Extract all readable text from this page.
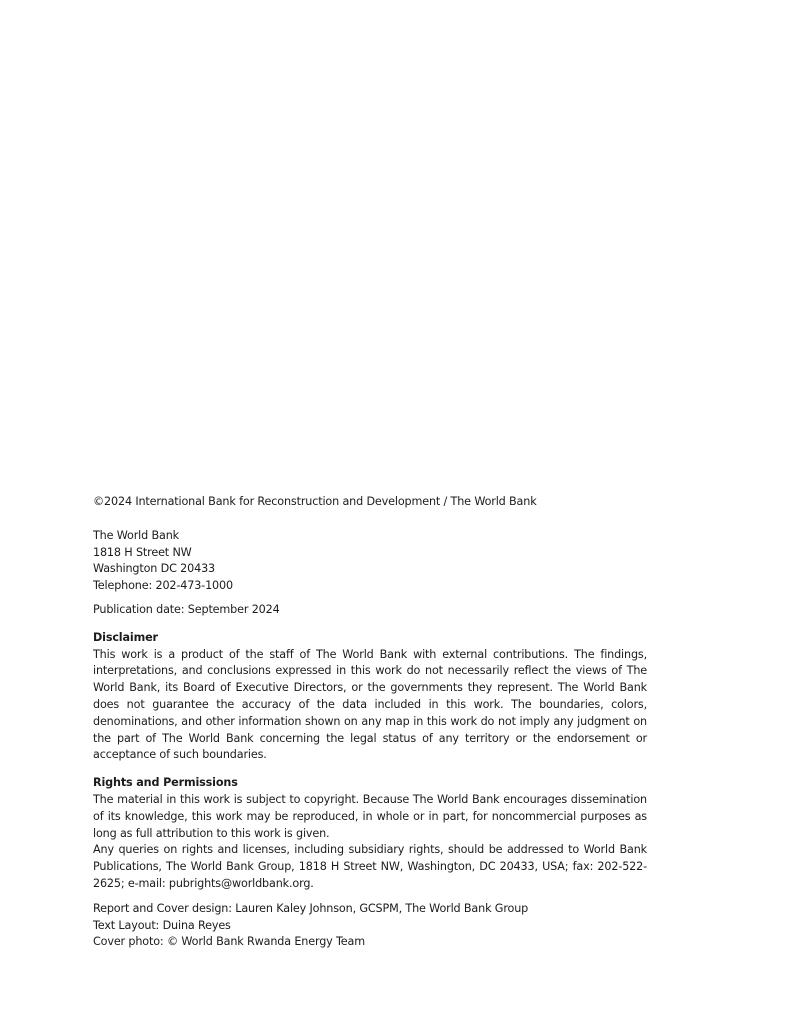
©2024 International Bank for Reconstruction and Development / The World Bank

The World Bank
1818 H Street NW
Washington DC 20433
Telephone: 202-473-1000

Publication date: September 2024

Disclaimer

This work is a product of the staff of The World Bank with external contributions. The findings, interpretations, and conclusions expressed in this work do not necessarily reflect the views of The World Bank, its Board of Executive Directors, or the governments they represent. The World Bank does not guarantee the accuracy of the data included in this work. The boundaries, colors, denominations, and other information shown on any map in this work do not imply any judgment on the part of The World Bank concerning the legal status of any territory or the endorsement or acceptance of such boundaries.

Rights and Permissions

The material in this work is subject to copyright. Because The World Bank encourages dissemination of its knowledge, this work may be reproduced, in whole or in part, for noncommercial purposes as long as full attribution to this work is given.

Any queries on rights and licenses, including subsidiary rights, should be addressed to World Bank Publications, The World Bank Group, 1818 H Street NW, Washington, DC 20433, USA; fax: 202-522-2625; e-mail: pubrights@worldbank.org.

Report and Cover design: Lauren Kaley Johnson, GCSPM, The World Bank Group
Text Layout: Duina Reyes
Cover photo: © World Bank Rwanda Energy Team
